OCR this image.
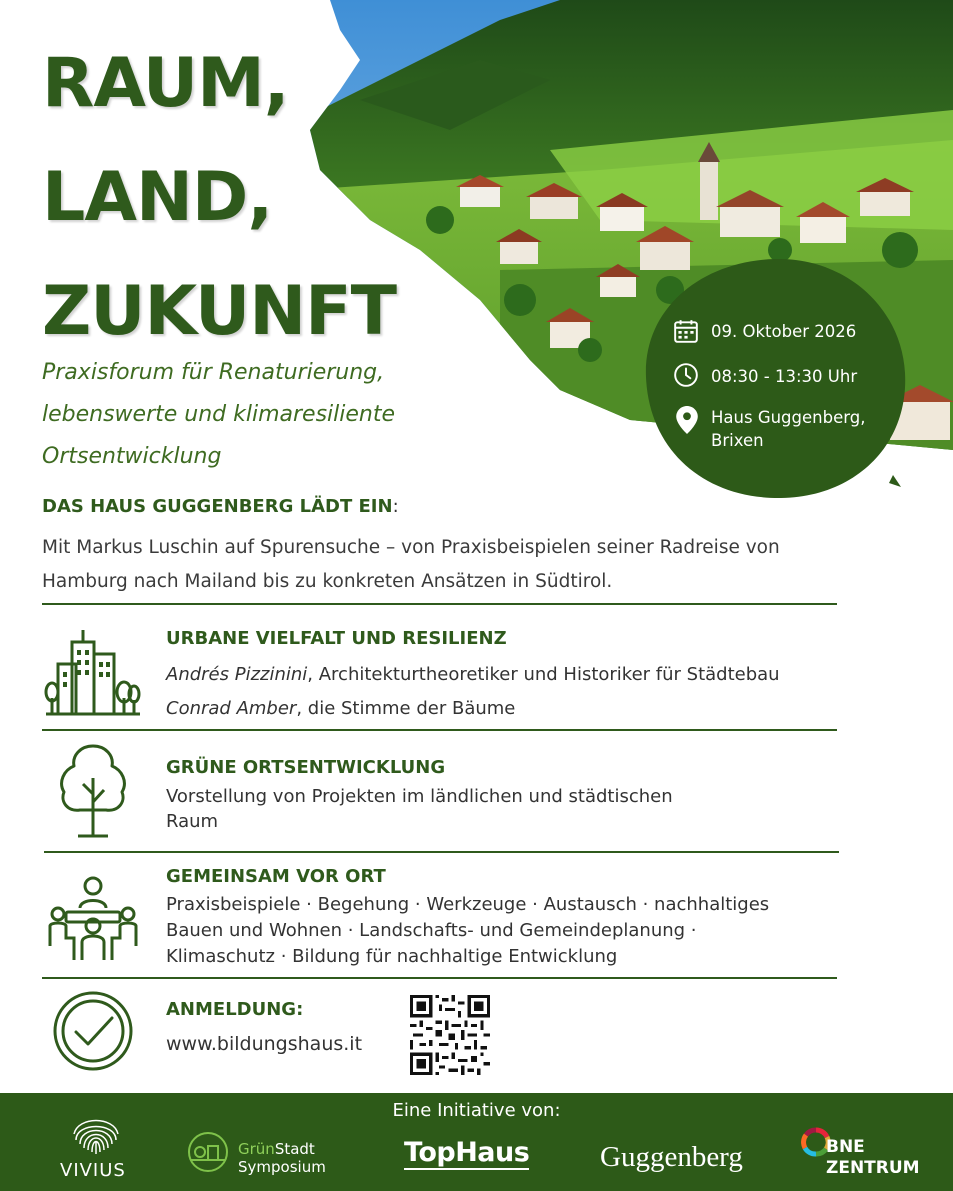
RAUM,
LAND,
ZUKUNFT
Praxisforum für Renaturierung, lebenswerte und klimaresiliente Ortsentwicklung
09. Oktober 2026
08:30 - 13:30 Uhr
Haus Guggenberg,
Brixen
DAS HAUS GUGGENBERG LÄDT EIN:
Mit Markus Luschin auf Spurensuche – von Praxisbeispielen seiner Radreise von Hamburg nach Mailand bis zu konkreten Ansätzen in Südtirol.
URBANE VIELFALT UND RESILIENZ
Andrés Pizzinini, Architekturtheoretiker und Historiker für Städtebau
Conrad Amber, die Stimme der Bäume
GRÜNE ORTSENTWICKLUNG
Vorstellung von Projekten im ländlichen und städtischen
Raum
GEMEINSAM VOR ORT
Praxisbeispiele · Begehung · Werkzeuge · Austausch · nachhaltiges
Bauen und Wohnen · Landschafts- und Gemeindeplanung ·
Klimaschutz · Bildung für nachhaltige Entwicklung
ANMELDUNG:
www.bildungshaus.it
Eine Initiative von:
VIVIUS
GrünStadt
Symposium	TopHaus Guggenberg	BNE
ZENTRUM
